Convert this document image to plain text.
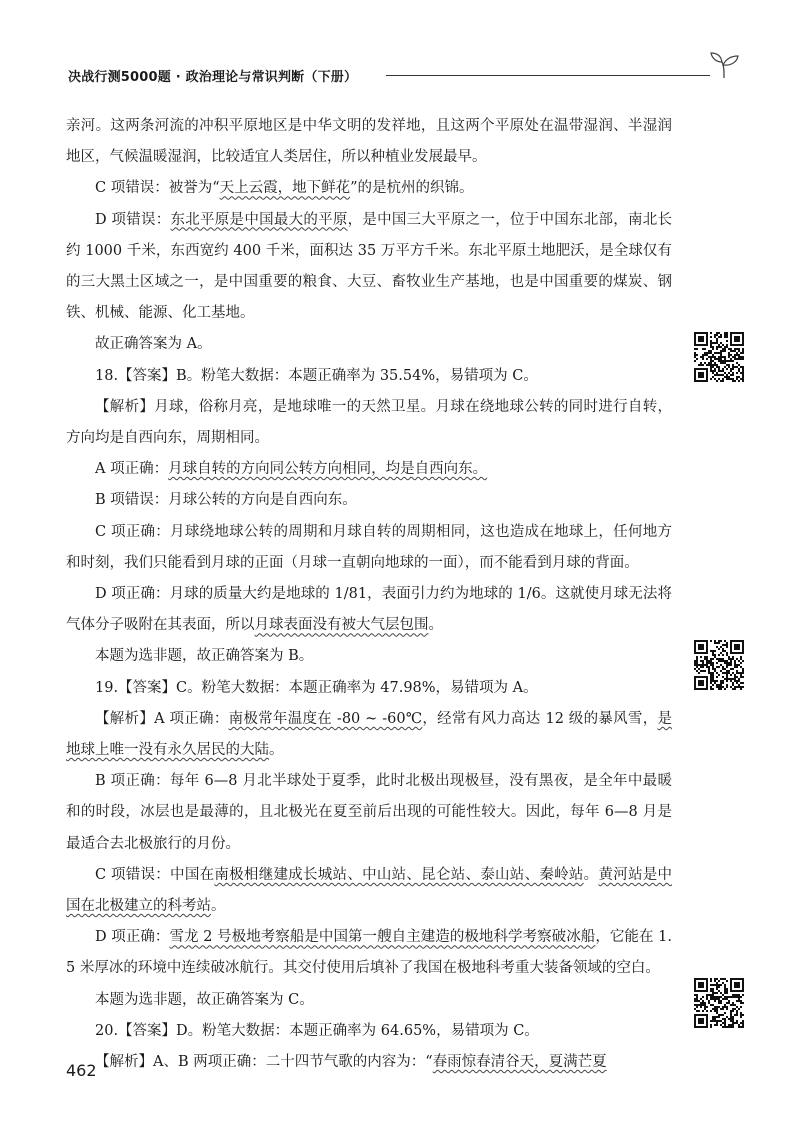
决战行测5000题 · 政治理论与常识判断（下册）

亲河。这两条河流的冲积平原地区是中华文明的发祥地，且这两个平原处在温带湿润、半湿润地区，气候温暖湿润，比较适宜人类居住，所以种植业发展最早。

C 项错误：被誉为“天上云霞，地下鲜花”的是杭州的织锦。

D 项错误：东北平原是中国最大的平原，是中国三大平原之一，位于中国东北部，南北长约 1000 千米，东西宽约 400 千米，面积达 35 万平方千米。东北平原土地肥沃，是全球仅有的三大黑土区域之一，是中国重要的粮食、大豆、畜牧业生产基地，也是中国重要的煤炭、钢铁、机械、能源、化工基地。

故正确答案为 A。

18.【答案】B。粉笔大数据：本题正确率为 35.54%，易错项为 C。

【解析】月球，俗称月亮，是地球唯一的天然卫星。月球在绕地球公转的同时进行自转，方向均是自西向东，周期相同。

A 项正确：月球自转的方向同公转方向相同，均是自西向东。

B 项错误：月球公转的方向是自西向东。

C 项正确：月球绕地球公转的周期和月球自转的周期相同，这也造成在地球上，任何地方和时刻，我们只能看到月球的正面（月球一直朝向地球的一面），而不能看到月球的背面。

D 项正确：月球的质量大约是地球的 1/81，表面引力约为地球的 1/6。这就使月球无法将气体分子吸附在其表面，所以月球表面没有被大气层包围。

本题为选非题，故正确答案为 B。

19.【答案】C。粉笔大数据：本题正确率为 47.98%，易错项为 A。

【解析】A 项正确：南极常年温度在 -80 ~ -60℃，经常有风力高达 12 级的暴风雪，是地球上唯一没有永久居民的大陆。

B 项正确：每年 6—8 月北半球处于夏季，此时北极出现极昼，没有黑夜，是全年中最暖和的时段，冰层也是最薄的，且北极光在夏至前后出现的可能性较大。因此，每年 6—8 月是最适合去北极旅行的月份。

C 项错误：中国在南极相继建成长城站、中山站、昆仑站、泰山站、秦岭站。黄河站是中国在北极建立的科考站。

D 项正确：雪龙 2 号极地考察船是中国第一艘自主建造的极地科学考察破冰船，它能在 1.5 米厚冰的环境中连续破冰航行。其交付使用后填补了我国在极地科考重大装备领域的空白。

本题为选非题，故正确答案为 C。

20.【答案】D。粉笔大数据：本题正确率为 64.65%，易错项为 C。

【解析】A、B 两项正确：二十四节气歌的内容为：“春雨惊春清谷天，夏满芒夏

462
